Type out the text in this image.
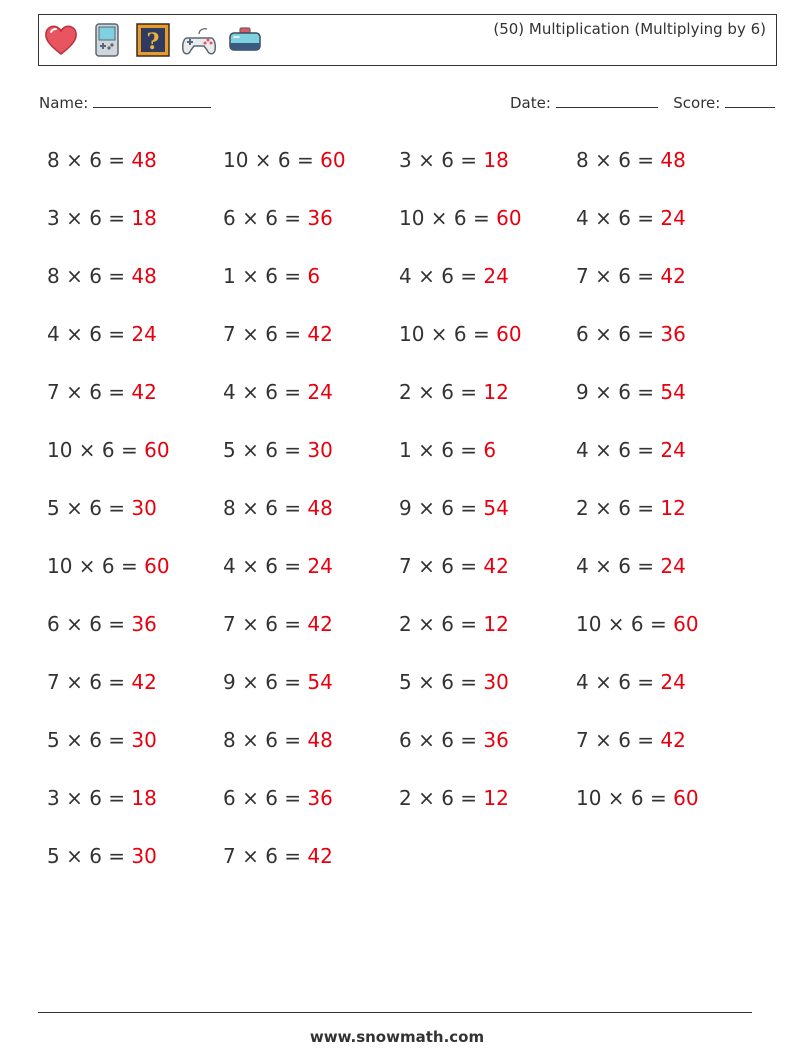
?	(50) Multiplication (Multiplying by 6)
Name:	Date:	Score:
8 × 6 = 48	10 × 6 = 60	3 × 6 = 18	8 × 6 = 48
3 × 6 = 18	6 × 6 = 36	10 × 6 = 60	4 × 6 = 24
8 × 6 = 48	1 × 6 = 6	4 × 6 = 24	7 × 6 = 42
4 × 6 = 24	7 × 6 = 42	10 × 6 = 60	6 × 6 = 36
7 × 6 = 42	4 × 6 = 24	2 × 6 = 12	9 × 6 = 54
10 × 6 = 60	5 × 6 = 30	1 × 6 = 6	4 × 6 = 24
5 × 6 = 30	8 × 6 = 48	9 × 6 = 54	2 × 6 = 12
10 × 6 = 60	4 × 6 = 24	7 × 6 = 42	4 × 6 = 24
6 × 6 = 36	7 × 6 = 42	2 × 6 = 12	10 × 6 = 60
7 × 6 = 42	9 × 6 = 54	5 × 6 = 30	4 × 6 = 24
5 × 6 = 30	8 × 6 = 48	6 × 6 = 36	7 × 6 = 42
3 × 6 = 18	6 × 6 = 36	2 × 6 = 12	10 × 6 = 60
5 × 6 = 30	7 × 6 = 42
www.snowmath.com
